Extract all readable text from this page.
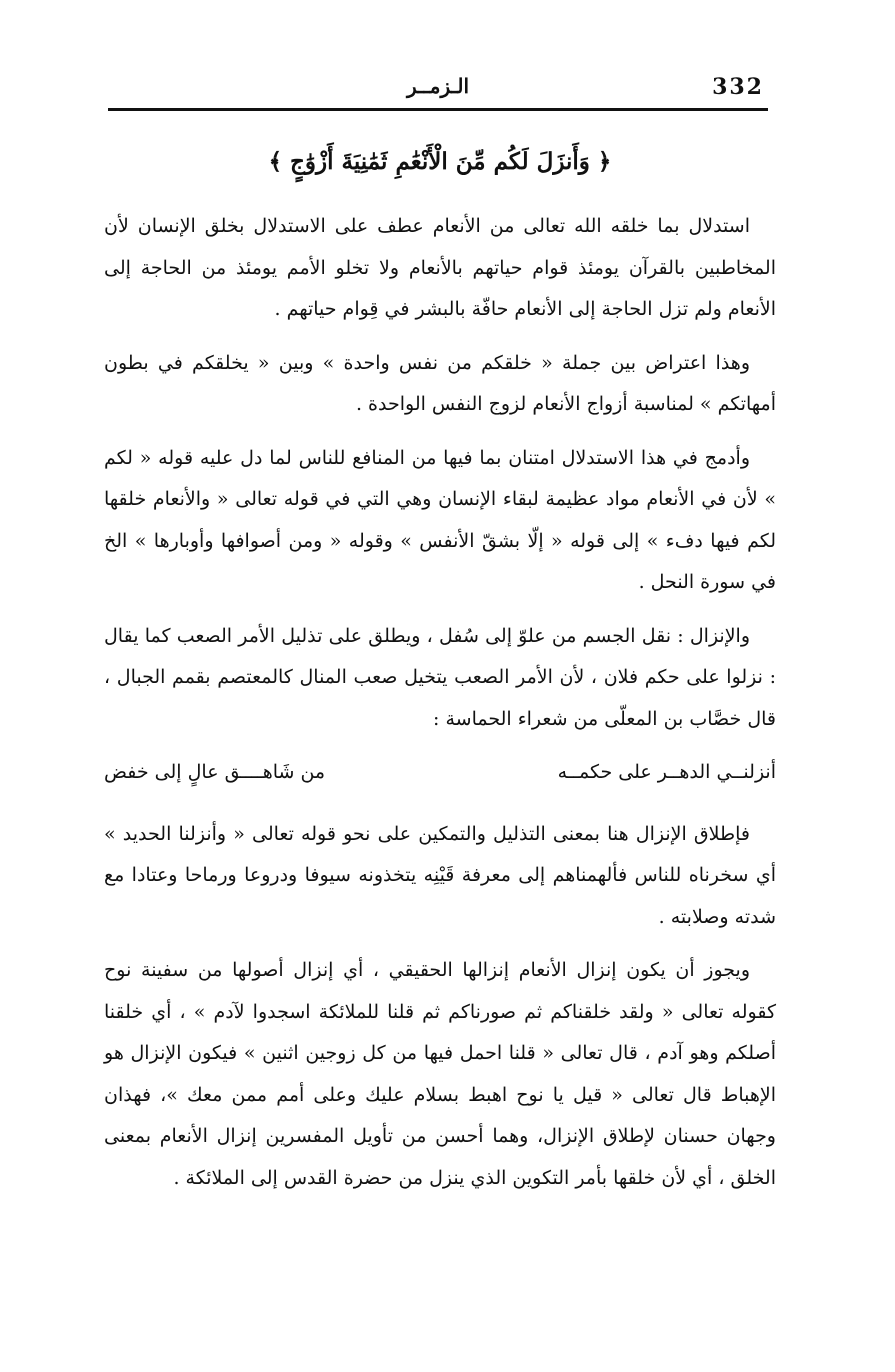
332
الـزمــر
﴿ وَأَنزَلَ لَكُم مِّنَ الْأَنْعَٰمِ ثَمَٰنِيَةَ أَزْوَٰجٍ ﴾

استدلال بما خلقه الله تعالى من الأنعام عطف على الاستدلال بخلق الإنسان لأن المخاطبين بالقرآن يومئذ قوام حياتهم بالأنعام ولا تخلو الأمم يومئذ من الحاجة إلى الأنعام ولم تزل الحاجة إلى الأنعام حافّة بالبشر في قِوام حياتهم .

وهذا اعتراض بين جملة « خلقكم من نفس واحدة » وبين « يخلقكم في بطون أمهاتكم » لمناسبة أزواج الأنعام لزوج النفس الواحدة .

وأدمج في هذا الاستدلال امتنان بما فيها من المنافع للناس لما دل عليه قوله « لكم » لأن في الأنعام مواد عظيمة لبقاء الإنسان وهي التي في قوله تعالى « والأنعام خلقها لكم فيها دفء » إلى قوله « إلّا بشقّ الأنفس » وقوله « ومن أصوافها وأوبارها » الخ في سورة النحل .

والإنزال : نقل الجسم من علوّ إلى سُفل ، ويطلق على تذليل الأمر الصعب كما يقال : نزلوا على حكم فلان ، لأن الأمر الصعب يتخيل صعب المنال كالمعتصم بقمم الجبال ، قال خصَّاب بن المعلّى من شعراء الحماسة :

أنزلنــي الدهــر على حكمــه
من شَاهــــق عالٍ إلى خفض

فإطلاق الإنزال هنا بمعنى التذليل والتمكين على نحو قوله تعالى « وأنزلنا الحديد » أي سخرناه للناس فألهمناهم إلى معرفة قَيْنِه يتخذونه سيوفا ودروعا ورماحا وعتادا مع شدته وصلابته .

ويجوز أن يكون إنزال الأنعام إنزالها الحقيقي ، أي إنزال أصولها من سفينة نوح كقوله تعالى « ولقد خلقناكم ثم صورناكم ثم قلنا للملائكة اسجدوا لآدم » ، أي خلقنا أصلكم وهو آدم ، قال تعالى « قلنا احمل فيها من كل زوجين اثنين » فيكون الإنزال هو الإهباط قال تعالى « قيل يا نوح اهبط بسلام عليك وعلى أمم ممن معك »، فهذان وجهان حسنان لإطلاق الإنزال، وهما أحسن من تأويل المفسرين إنزال الأنعام بمعنى الخلق ، أي لأن خلقها بأمر التكوين الذي ينزل من حضرة القدس إلى الملائكة .
